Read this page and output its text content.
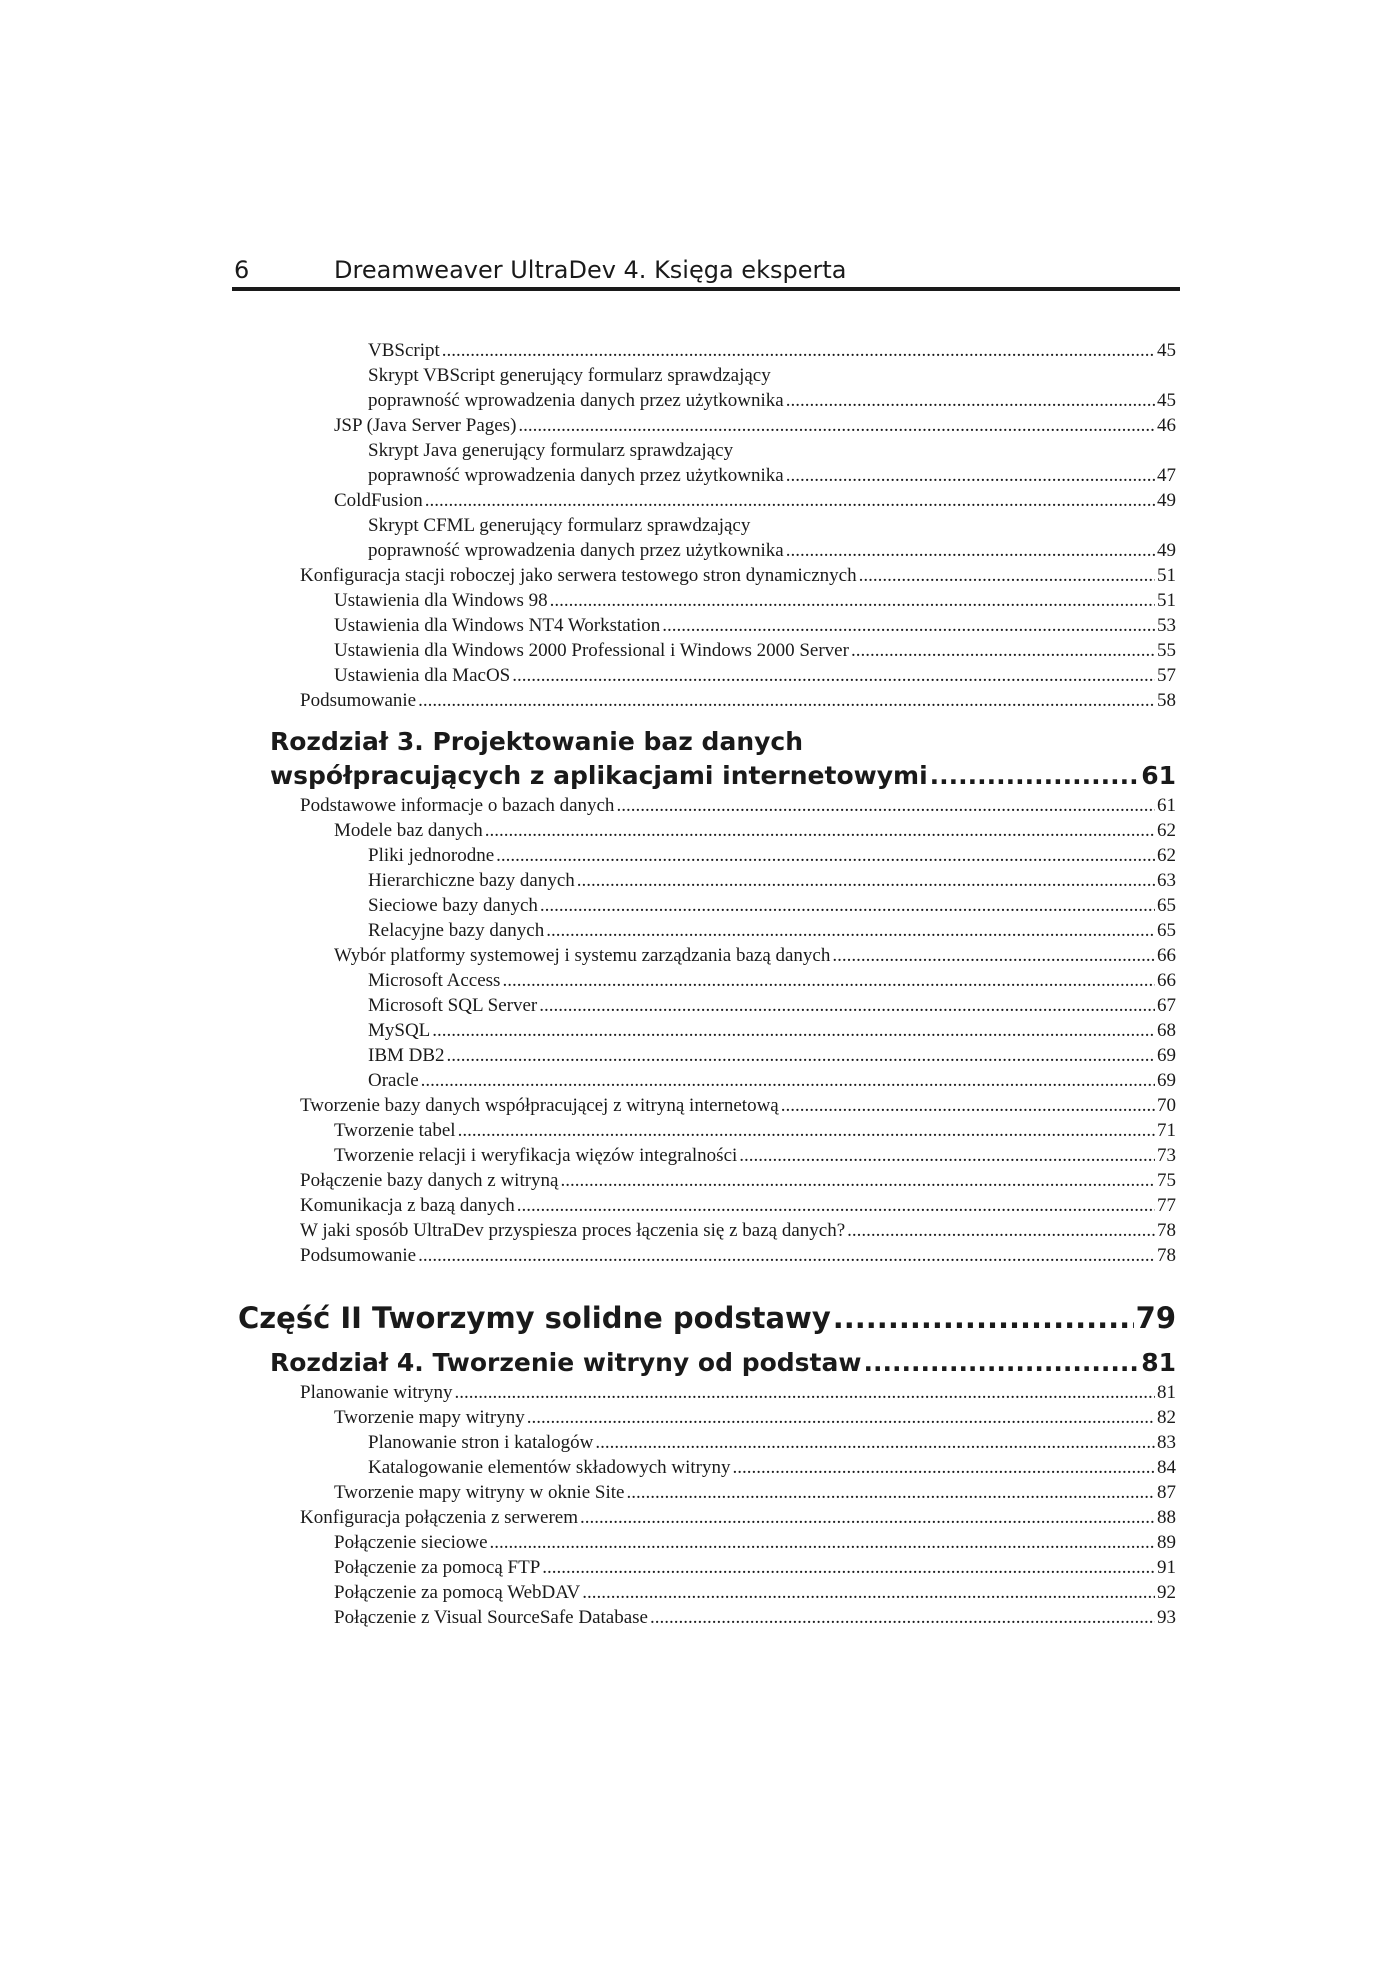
6	Dreamweaver UltraDev 4. Księga eksperta
VBScript .....	45
Skrypt VBScript generujący formularz sprawdzający
poprawność wprowadzenia danych przez użytkownika .....	45
JSP (Java Server Pages) .....	46
Skrypt Java generujący formularz sprawdzający
poprawność wprowadzenia danych przez użytkownika .....	47
ColdFusion .....	49
Skrypt CFML generujący formularz sprawdzający
poprawność wprowadzenia danych przez użytkownika .....	49
Konfiguracja stacji roboczej jako serwera testowego stron dynamicznych .....	51
Ustawienia dla Windows 98 .....	51
Ustawienia dla Windows NT4 Workstation .....	53
Ustawienia dla Windows 2000 Professional i Windows 2000 Server .....	55
Ustawienia dla MacOS .....	57
Podsumowanie .....	58
Rozdział 3. Projektowanie baz danych
współpracujących z aplikacjami internetowymi .....	61
Podstawowe informacje o bazach danych .....	61
Modele baz danych .....	62
Pliki jednorodne .....	62
Hierarchiczne bazy danych .....	63
Sieciowe bazy danych .....	65
Relacyjne bazy danych .....	65
Wybór platformy systemowej i systemu zarządzania bazą danych .....	66
Microsoft Access .....	66
Microsoft SQL Server .....	67
MySQL .....	68
IBM DB2 .....	69
Oracle .....	69
Tworzenie bazy danych współpracującej z witryną internetową .....	70
Tworzenie tabel .....	71
Tworzenie relacji i weryfikacja więzów integralności .....	73
Połączenie bazy danych z witryną .....	75
Komunikacja z bazą danych .....	77
W jaki sposób UltraDev przyspiesza proces łączenia się z bazą danych? .....	78
Podsumowanie .....	78
Część II Tworzymy solidne podstawy .....	79
Rozdział 4. Tworzenie witryny od podstaw .....	81
Planowanie witryny .....	81
Tworzenie mapy witryny .....	82
Planowanie stron i katalogów .....	83
Katalogowanie elementów składowych witryny .....	84
Tworzenie mapy witryny w oknie Site .....	87
Konfiguracja połączenia z serwerem .....	88
Połączenie sieciowe .....	89
Połączenie za pomocą FTP .....	91
Połączenie za pomocą WebDAV .....	92
Połączenie z Visual SourceSafe Database .....	93
